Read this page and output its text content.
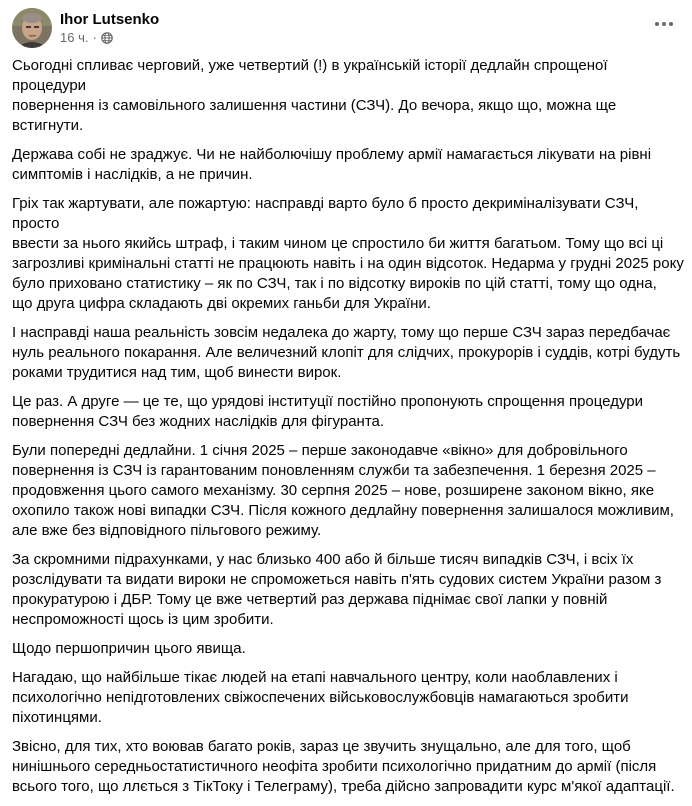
Ihor Lutsenko
16 ч. ·

Сьогодні спливає черговий, уже четвертий (!) в українській історії дедлайн спрощеної процедури
повернення із самовільного залишення частини (СЗЧ). До вечора, якщо що, можна ще встигнути.

Держава собі не зраджує. Чи не найболючішу проблему армії намагається лікувати на рівні
симптомів і наслідків, а не причин.

Гріх так жартувати, але пожартую: насправді варто було б просто декриміналізувати СЗЧ, просто
ввести за нього якийсь штраф, і таким чином це спростило би життя багатьом. Тому що всі ці
загрозливі кримінальні статті не працюють навіть і на один відсоток. Недарма у грудні 2025 року
було приховано статистику – як по СЗЧ, так і по відсотку вироків по цій статті, тому що одна,
що друга цифра складають дві окремих ганьби для України.

І насправді наша реальність зовсім недалека до жарту, тому що перше СЗЧ зараз передбачає
нуль реального покарання. Але величезний клопіт для слідчих, прокурорів і суддів, котрі будуть
роками трудитися над тим, щоб винести вирок.

Це раз. А друге — це те, що урядові інституції постійно пропонують спрощення процедури
повернення СЗЧ без жодних наслідків для фігуранта.

Були попередні дедлайни. 1 січня 2025 – перше законодавче «вікно» для добровільного
повернення із СЗЧ із гарантованим поновленням служби та забезпечення. 1 березня 2025 –
продовження цього самого механізму. 30 серпня 2025 – нове, розширене законом вікно, яке
охопило також нові випадки СЗЧ. Після кожного дедлайну повернення залишалося можливим,
але вже без відповідного пільгового режиму.

За скромними підрахунками, у нас близько 400 або й більше тисяч випадків СЗЧ, і всіх їх
розслідувати та видати вироки не спроможеться навіть п'ять судових систем України разом з
прокуратурою і ДБР. Тому це вже четвертий раз держава піднімає свої лапки у повній
неспроможності щось із цим зробити.

Щодо першопричин цього явища.

Нагадаю, що найбільше тікає людей на етапі навчального центру, коли наоблавлених і
психологічно непідготовлених свіжоспечених військовослужбовців намагаються зробити
піхотинцями.

Звісно, для тих, хто воював багато років, зараз це звучить знущально, але для того, щоб
нинішнього середньостатистичного неофіта зробити психологічно придатним до армії (після
всього того, що ллється з ТікТоку і Телеграму), треба дійсно запровадити курс м'якої адаптації.
